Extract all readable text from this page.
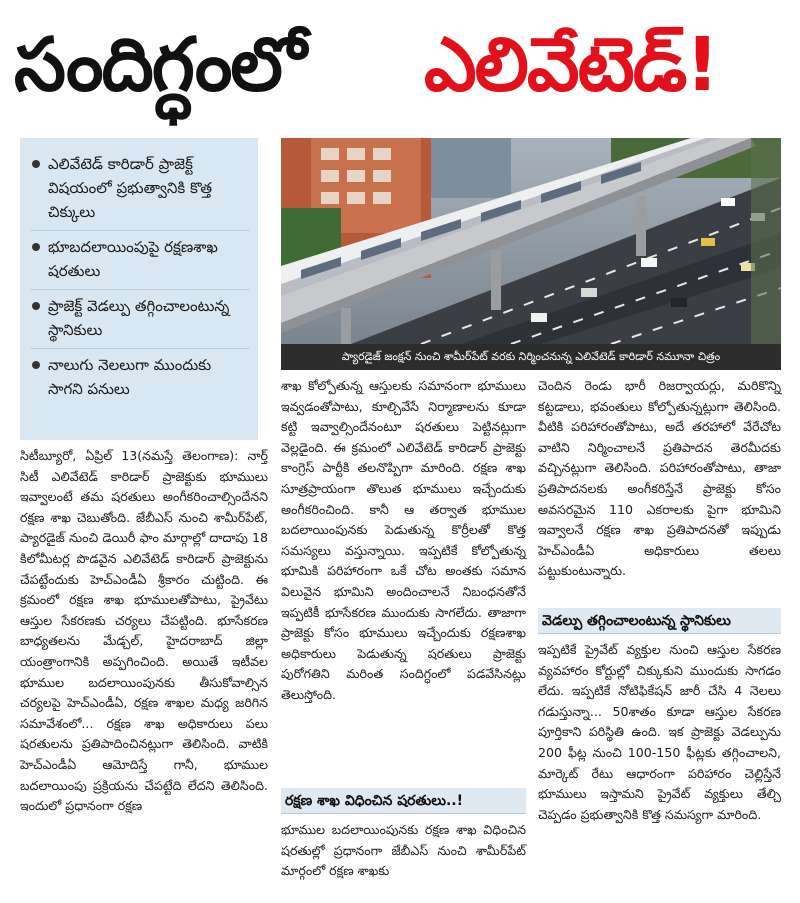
సందిగ్ధంలో ఎలివేటెడ్!
ఎలివేటెడ్ కారిడార్ ప్రాజెక్ట్ విషయంలో ప్రభుత్వానికి కొత్త చిక్కులు
భూబదలాయింపుపై రక్షణశాఖ షరతులు
ప్రాజెక్ట్ వెడల్పు తగ్గించాలంటున్న స్థానికులు
నాలుగు నెలలుగా ముందుకు సాగని పనులు
ప్యారడైజ్ జంక్షన్ నుంచి శామీర్‌పేట్ వరకు నిర్మించనున్న ఎలివేటెడ్ కారిడార్ నమూనా చిత్రం

సిటీబ్యూరో, ఏప్రిల్ 13(నమస్తే తెలంగాణ): నార్త్ సిటీ ఎలివేటెడ్ కారిడార్ ప్రాజెక్టుకు భూములు ఇవ్వాలంటే తమ షరతులు అంగీకరించాల్సిందేనని రక్షణ శాఖ చెబుతోంది. జేబీఎస్ నుంచి శామీర్‌పేట్, ప్యారడైజ్ నుంచి డెయిరీ ఫాం మార్గాల్లో దాదాపు 18 కిలోమీటర్ల పొడవైన ఎలివేటెడ్ కారిడార్ ప్రాజెక్టును చేపట్టేందుకు హెచ్‌ఎండీఏ శ్రీకారం చుట్టింది. ఈ క్రమంలో రక్షణ శాఖ భూములతోపాటు, ప్రైవేటు ఆస్తుల సేకరణకు చర్యలు చేపట్టింది. భూసేకరణ బాధ్యతలను మేడ్చల్, హైదరాబాద్ జిల్లా యంత్రాంగానికి అప్పగించింది. అయితే ఇటీవల భూముల బదలాయింపునకు తీసుకోవాల్సిన చర్యలపై హెచ్‌ఎండీఏ, రక్షణ శాఖల మధ్య జరిగిన సమావేశంలో... రక్షణ శాఖ అధికారులు పలు షరతులను ప్రతిపాదించినట్లుగా తెలిసింది. వాటికి హెచ్‌ఎండీఏ ఆమోదిస్తే గానీ, భూముల బదలాయింపు ప్రక్రియను చేపట్టేది లేదని తెలిసింది. ఇందులో ప్రధానంగా రక్షణ

శాఖ కోల్పోతున్న ఆస్తులకు సమానంగా భూములు ఇవ్వడంతోపాటు, కూల్చివేసే నిర్మాణాలను కూడా కట్టి ఇవ్వాల్సిందేనంటూ షరతులు పెట్టినట్లుగా వెల్లడైంది. ఈ క్రమంలో ఎలివేటెడ్ కారిడార్ ప్రాజెక్టు కాంగ్రెస్ పార్టీకి తలనొప్పిగా మారింది. రక్షణ శాఖ సూత్రప్రాయంగా తొలుత భూములు ఇచ్చేందుకు అంగీకరించింది. కానీ ఆ తర్వాత భూముల బదలాయింపునకు పెడుతున్న కొర్రీలతో కొత్త సమస్యలు వస్తున్నాయి. ఇప్పటికే కోల్పోతున్న భూమికి పరిహారంగా ఒకే చోట అంతకు సమాన విలువైన భూమిని అందించాలనే నిబంధనతోనే ఇప్పటికీ భూసేకరణ ముందుకు సాగలేదు. తాజాగా ప్రాజెక్టు కోసం భూములు ఇచ్చేందుకు రక్షణశాఖ అధికారులు పెడుతున్న షరతులు ప్రాజెక్టు పురోగతిని మరింత సందిగ్ధంలో పడవేసినట్లు తెలుస్తోంది.

రక్షణ శాఖ విధించిన షరతులు..!

భూముల బదలాయింపునకు రక్షణ శాఖ విధించిన షరతుల్లో ప్రధానంగా జేబీఎస్ నుంచి శామీర్‌పేట్ మార్గంలో రక్షణ శాఖకు

చెందిన రెండు భారీ రిజర్వాయర్లు, మరికొన్ని కట్టడాలు, భవంతులు కోల్పోతున్నట్లుగా తెలిసింది. వీటికి పరిహారంతోపాటు, అదే తరహాలో వేరేచోట వాటిని నిర్మించాలనే ప్రతిపాదన తెరమీదకు వచ్చినట్లుగా తెలిసింది. పరిహారంతోపాటు, తాజా ప్రతిపాదనలకు అంగీకరిస్తేనే ప్రాజెక్టు కోసం అవసరమైన 110 ఎకరాలకు పైగా భూమిని ఇవ్వాలనే రక్షణ శాఖ ప్రతిపాదనతో ఇప్పుడు హెచ్‌ఎండీఏ అధికారులు తలలు పట్టుకుంటున్నారు.

వెడల్పు తగ్గించాలంటున్న స్థానికులు

ఇప్పటికే ప్రైవేట్ వ్యక్తుల నుంచి ఆస్తుల సేకరణ వ్యవహారం కోర్టుల్లో చిక్కుకుని ముందుకు సాగడం లేదు. ఇప్పటికే నోటిఫికేషన్ జారీ చేసి 4 నెలలు గడుస్తున్నా... 50శాతం కూడా ఆస్తుల సేకరణ పూర్తికాని పరిస్థితి ఉంది. ఇక ప్రాజెక్టు వెడల్పును 200 ఫీట్ల నుంచి 100-150 ఫీట్లకు తగ్గించాలని, మార్కెట్ రేటు ఆధారంగా పరిహారం చెల్లిస్తేనే భూములు ఇస్తామని ప్రైవేట్ వ్యక్తులు తేల్చి చెప్పడం ప్రభుత్వానికి కొత్త సమస్యగా మారింది.
